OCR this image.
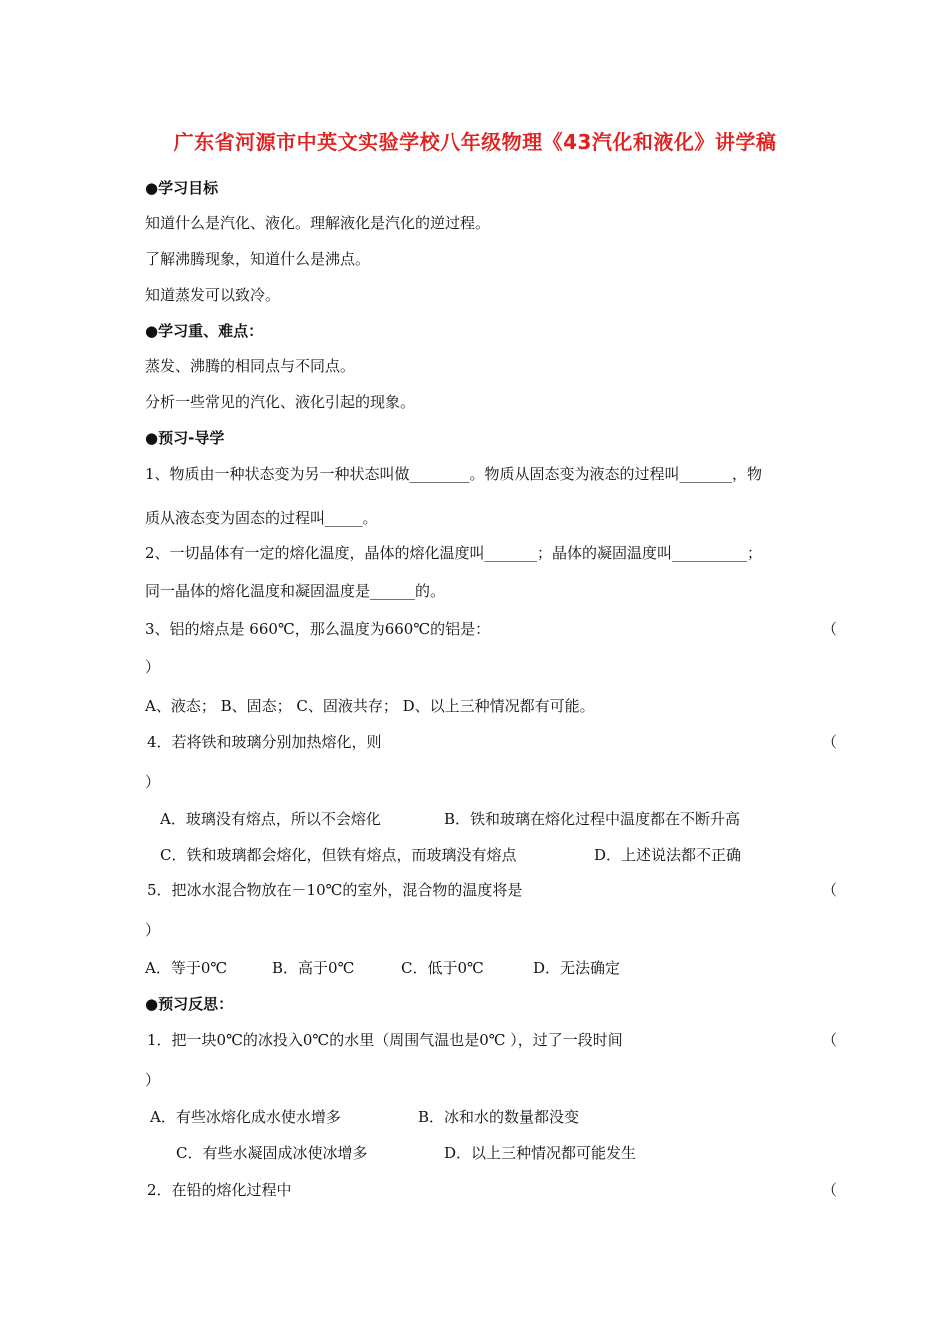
广东省河源市中英文实验学校八年级物理《43汽化和液化》讲学稿
●学习目标
知道什么是汽化、液化。理解液化是汽化的逆过程。
了解沸腾现象，知道什么是沸点。
知道蒸发可以致冷。
●学习重、难点：
蒸发、沸腾的相同点与不同点。
分析一些常见的汽化、液化引起的现象。
●预习-导学
1、物质由一种状态变为另一种状态叫做________。物质从固态变为液态的过程叫_______，物
质从液态变为固态的过程叫_____。
2、一切晶体有一定的熔化温度，晶体的熔化温度叫_______；晶体的凝固温度叫__________；
同一晶体的熔化温度和凝固温度是______的。
3、铝的熔点是 660℃，那么温度为660℃的铝是：	（
）
A、液态； B、固态； C、固液共存； D、以上三种情况都有可能。
4．若将铁和玻璃分别加热熔化，则	（
）
A．玻璃没有熔点，所以不会熔化	B．铁和玻璃在熔化过程中温度都在不断升高
C．铁和玻璃都会熔化，但铁有熔点，而玻璃没有熔点	D．上述说法都不正确
5．把冰水混合物放在－10℃的室外，混合物的温度将是	（
）
A．等于0℃	B．高于0℃	C．低于0℃	D．无法确定
●预习反思：
1．把一块0℃的冰投入0℃的水里（周围气温也是0℃ ），过了一段时间	（
）
A．有些冰熔化成水使水增多	B．冰和水的数量都没变
C．有些水凝固成冰使冰增多	D．以上三种情况都可能发生
2．在铅的熔化过程中	（
